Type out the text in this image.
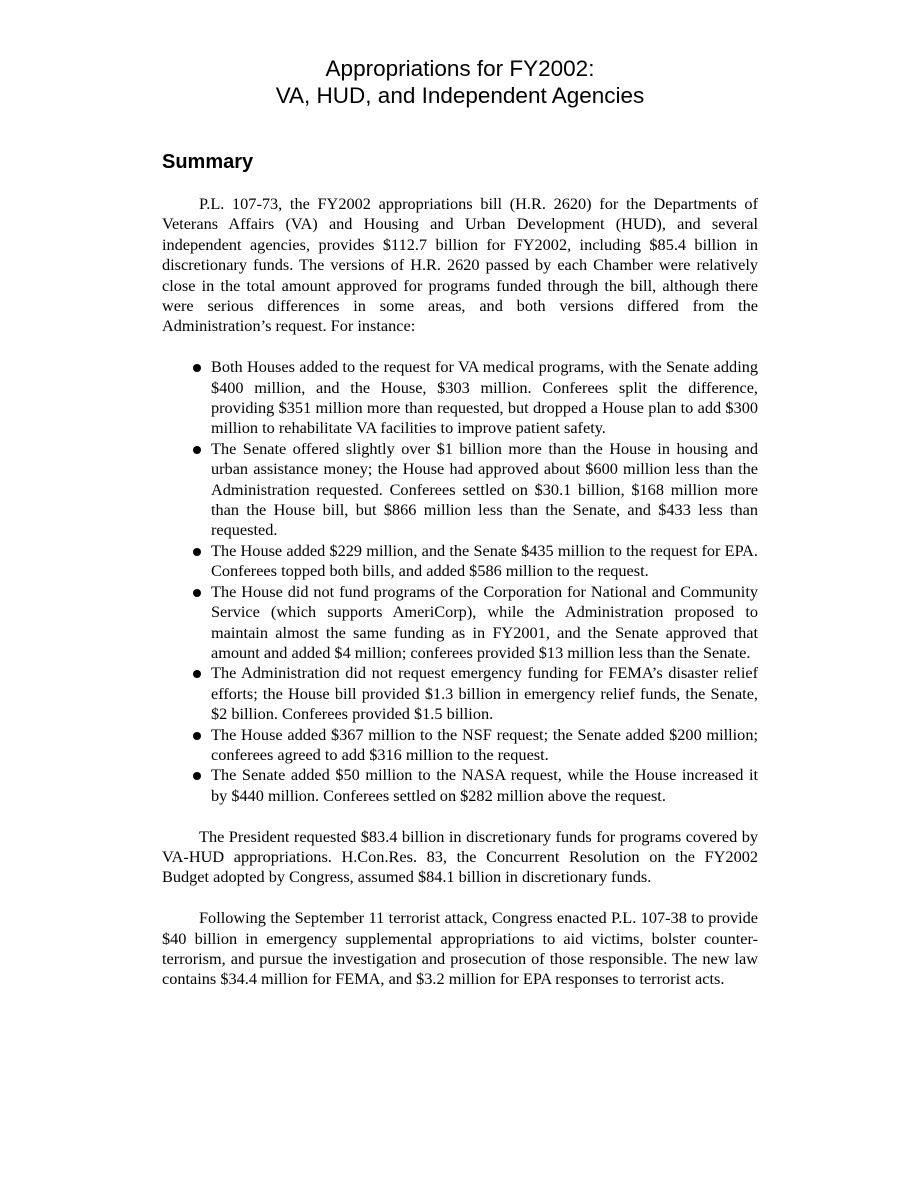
Appropriations for FY2002:
VA, HUD, and Independent Agencies
Summary

P.L. 107-73, the FY2002 appropriations bill (H.R. 2620) for the Departments of Veterans Affairs (VA) and Housing and Urban Development (HUD), and several independent agencies, provides $112.7 billion for FY2002, including $85.4 billion in discretionary funds. The versions of H.R. 2620 passed by each Chamber were relatively close in the total amount approved for programs funded through the bill, although there were serious differences in some areas, and both versions differed from the Administration’s request. For instance:

Both Houses added to the request for VA medical programs, with the Senate adding $400 million, and the House, $303 million. Conferees split the difference, providing $351 million more than requested, but dropped a House plan to add $300 million to rehabilitate VA facilities to improve patient safety.
The Senate offered slightly over $1 billion more than the House in housing and urban assistance money; the House had approved about $600 million less than the Administration requested. Conferees settled on $30.1 billion, $168 million more than the House bill, but $866 million less than the Senate, and $433 less than requested.
The House added $229 million, and the Senate $435 million to the request for EPA. Conferees topped both bills, and added $586 million to the request.
The House did not fund programs of the Corporation for National and Community Service (which supports AmeriCorp), while the Administration proposed to maintain almost the same funding as in FY2001, and the Senate approved that amount and added $4 million; conferees provided $13 million less than the Senate.
The Administration did not request emergency funding for FEMA’s disaster relief efforts; the House bill provided $1.3 billion in emergency relief funds, the Senate, $2 billion. Conferees provided $1.5 billion.
The House added $367 million to the NSF request; the Senate added $200 million; conferees agreed to add $316 million to the request.
The Senate added $50 million to the NASA request, while the House increased it by $440 million. Conferees settled on $282 million above the request.

The President requested $83.4 billion in discretionary funds for programs covered by VA-HUD appropriations. H.Con.Res. 83, the Concurrent Resolution on the FY2002 Budget adopted by Congress, assumed $84.1 billion in discretionary funds.

Following the September 11 terrorist attack, Congress enacted P.L. 107-38 to provide $40 billion in emergency supplemental appropriations to aid victims, bolster counter-terrorism, and pursue the investigation and prosecution of those responsible. The new law contains $34.4 million for FEMA, and $3.2 million for EPA responses to terrorist acts.
